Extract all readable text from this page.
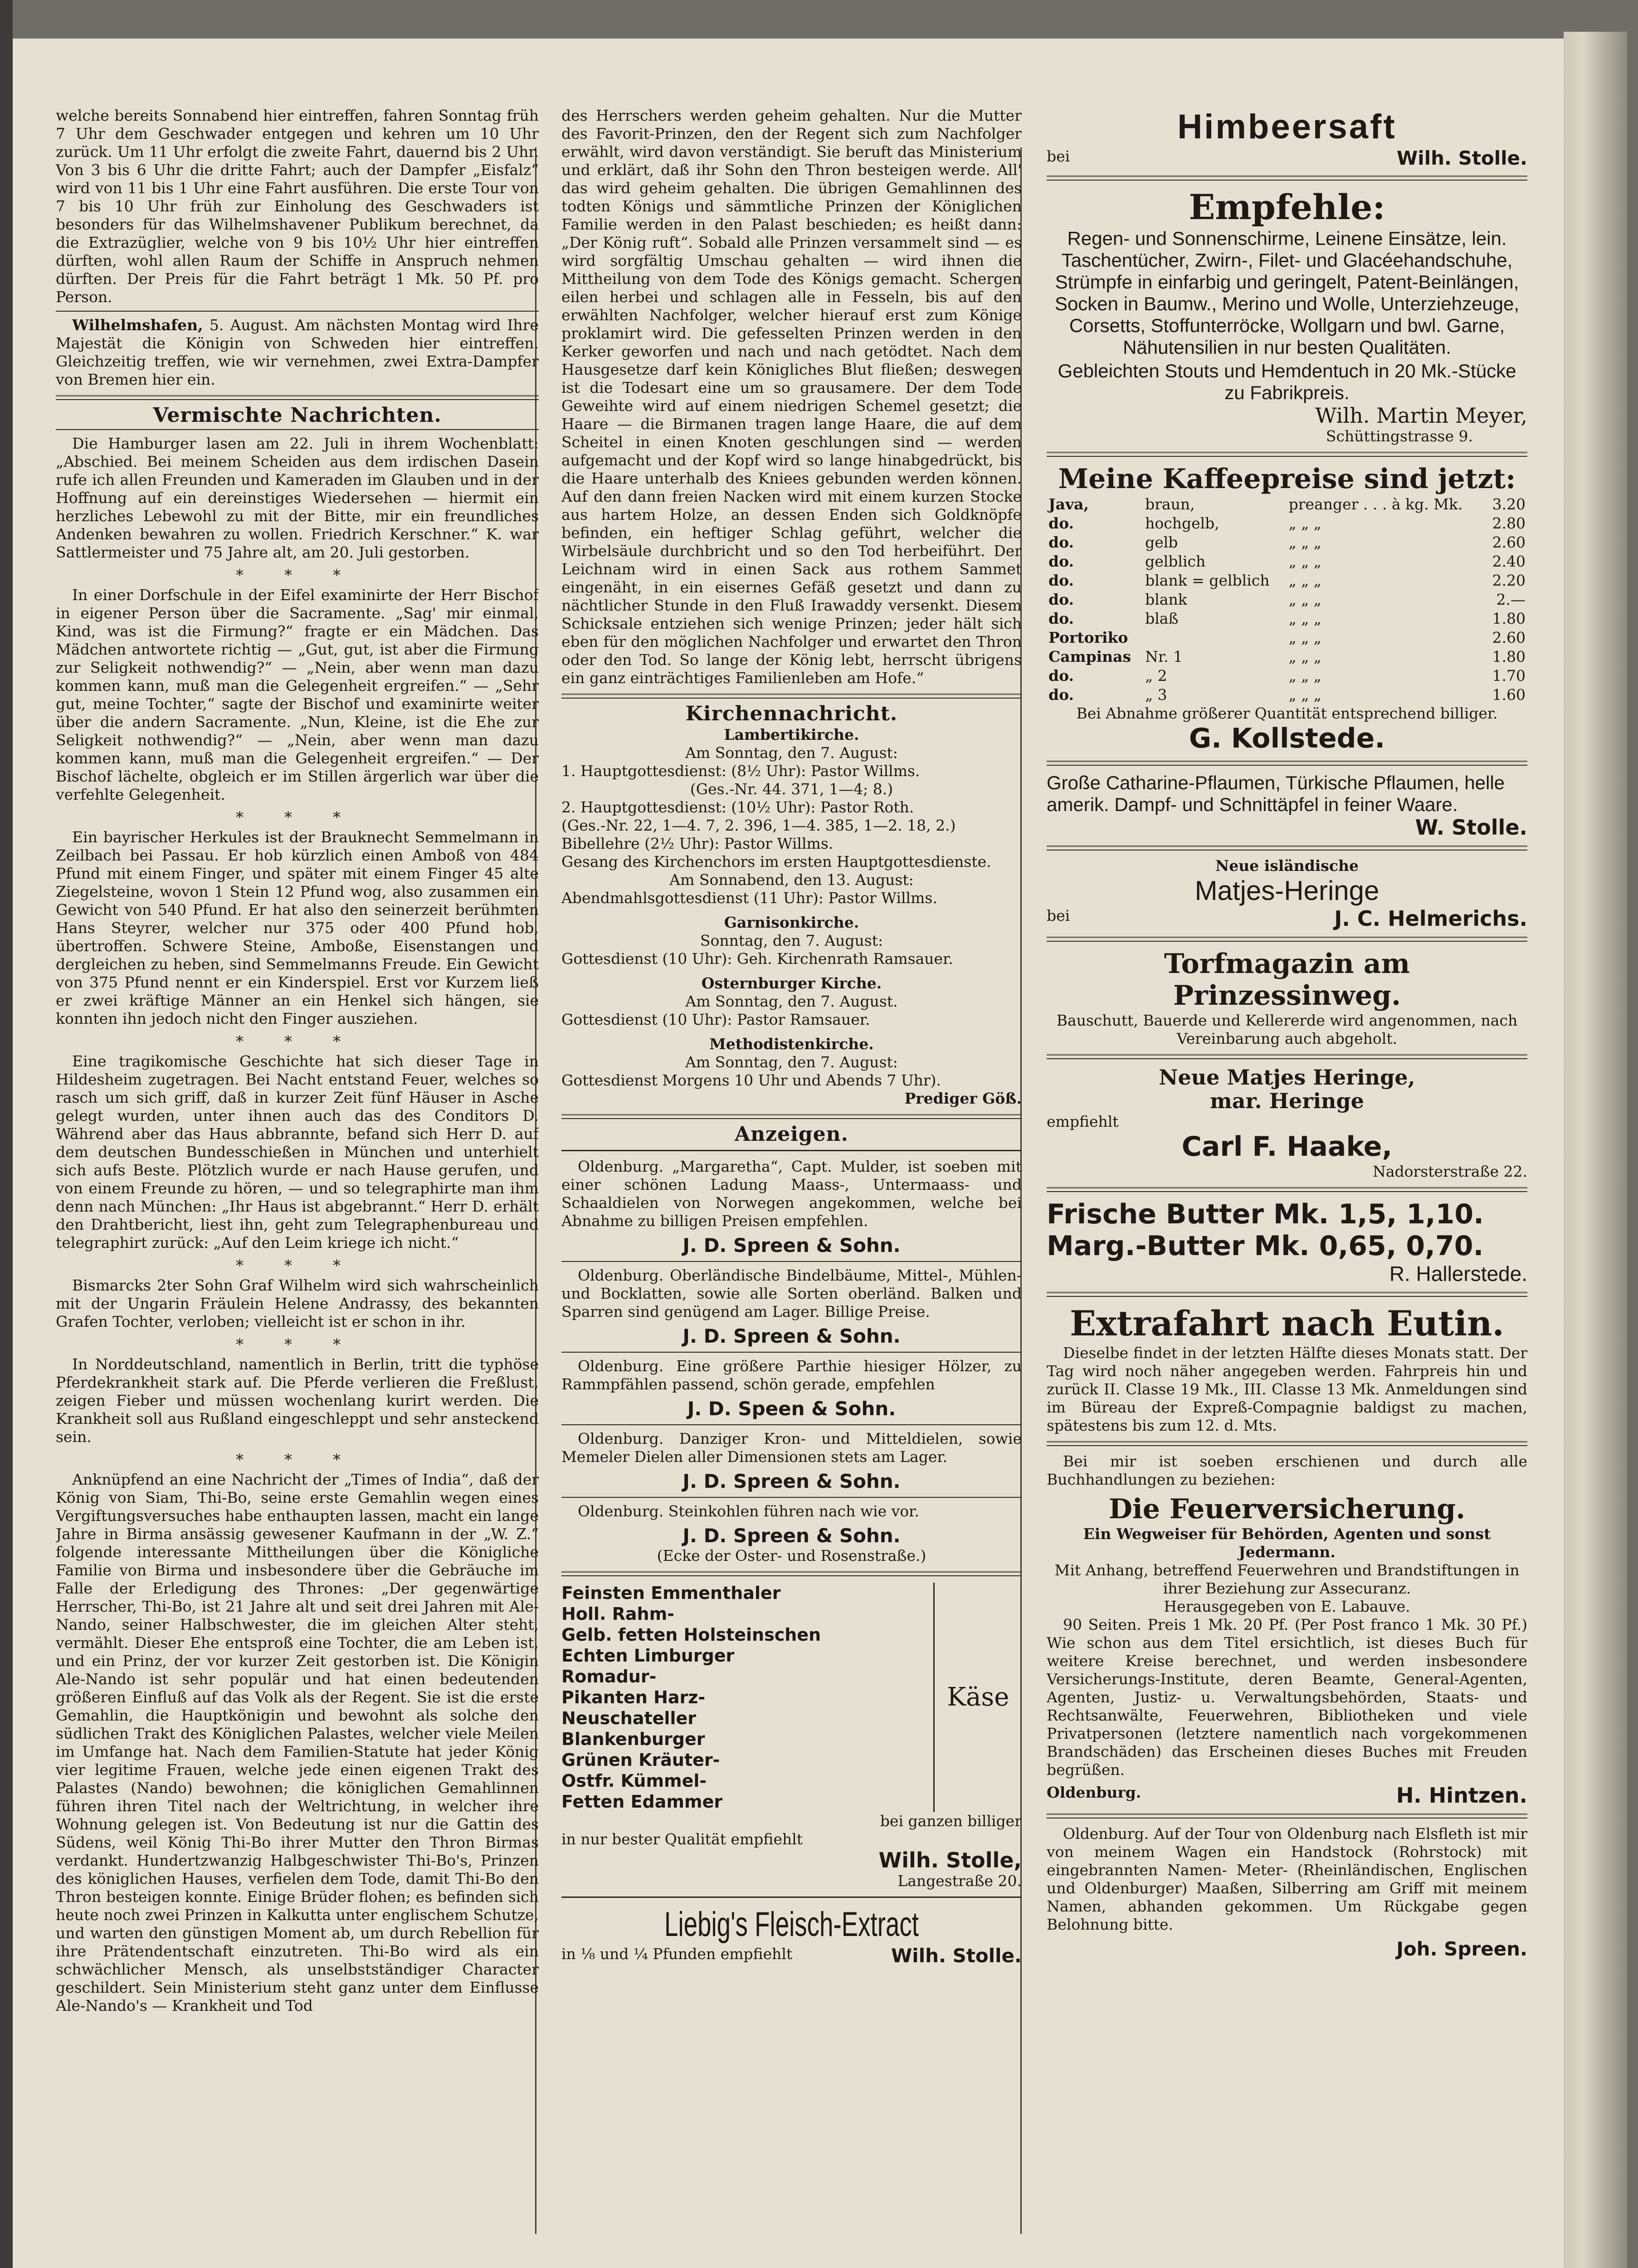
welche bereits Sonnabend hier eintreffen, fahren Sonntag früh 7 Uhr dem Geschwader entgegen und kehren um 10 Uhr zurück. Um 11 Uhr erfolgt die zweite Fahrt, dauernd bis 2 Uhr. Von 3 bis 6 Uhr die dritte Fahrt; auch der Dampfer „Eisfalz“ wird von 11 bis 1 Uhr eine Fahrt ausführen. Die erste Tour von 7 bis 10 Uhr früh zur Einholung des Geschwaders ist besonders für das Wilhelmshavener Publikum berechnet, da die Extrazüglier, welche von 9 bis 10½ Uhr hier eintreffen dürften, wohl allen Raum der Schiffe in Anspruch nehmen dürften. Der Preis für die Fahrt beträgt 1 Mk. 50 Pf. pro Person.

Wilhelmshafen, 5. August. Am nächsten Montag wird Ihre Majestät die Königin von Schweden hier eintreffen. Gleichzeitig treffen, wie wir vernehmen, zwei Extra-Dampfer von Bremen hier ein.

Vermischte Nachrichten.

Die Hamburger lasen am 22. Juli in ihrem Wochenblatt: „Abschied. Bei meinem Scheiden aus dem irdischen Dasein rufe ich allen Freunden und Kameraden im Glauben und in der Hoffnung auf ein dereinstiges Wiedersehen — hiermit ein herzliches Lebewohl zu mit der Bitte, mir ein freundliches Andenken bewahren zu wollen. Friedrich Kerschner.“ K. war Sattlermeister und 75 Jahre alt, am 20. Juli gestorben.

* * *

In einer Dorfschule in der Eifel examinirte der Herr Bischof in eigener Person über die Sacramente. „Sag' mir einmal, Kind, was ist die Firmung?“ fragte er ein Mädchen. Das Mädchen antwortete richtig — „Gut, gut, ist aber die Firmung zur Seligkeit nothwendig?“ — „Nein, aber wenn man dazu kommen kann, muß man die Gelegenheit ergreifen.“ — „Sehr gut, meine Tochter,“ sagte der Bischof und examinirte weiter über die andern Sacramente. „Nun, Kleine, ist die Ehe zur Seligkeit nothwendig?“ — „Nein, aber wenn man dazu kommen kann, muß man die Gelegenheit ergreifen.“ — Der Bischof lächelte, obgleich er im Stillen ärgerlich war über die verfehlte Gelegenheit.

* * *

Ein bayrischer Herkules ist der Brauknecht Semmelmann in Zeilbach bei Passau. Er hob kürzlich einen Amboß von 484 Pfund mit einem Finger, und später mit einem Finger 45 alte Ziegelsteine, wovon 1 Stein 12 Pfund wog, also zusammen ein Gewicht von 540 Pfund. Er hat also den seinerzeit berühmten Hans Steyrer, welcher nur 375 oder 400 Pfund hob, übertroffen. Schwere Steine, Amboße, Eisenstangen und dergleichen zu heben, sind Semmelmanns Freude. Ein Gewicht von 375 Pfund nennt er ein Kinderspiel. Erst vor Kurzem ließ er zwei kräftige Männer an ein Henkel sich hängen, sie konnten ihn jedoch nicht den Finger ausziehen.

* * *

Eine tragikomische Geschichte hat sich dieser Tage in Hildesheim zugetragen. Bei Nacht entstand Feuer, welches so rasch um sich griff, daß in kurzer Zeit fünf Häuser in Asche gelegt wurden, unter ihnen auch das des Conditors D. Während aber das Haus abbrannte, befand sich Herr D. auf dem deutschen Bundesschießen in München und unterhielt sich aufs Beste. Plötzlich wurde er nach Hause gerufen, und von einem Freunde zu hören, — und so telegraphirte man ihm denn nach München: „Ihr Haus ist abgebrannt.“ Herr D. erhält den Drahtbericht, liest ihn, geht zum Telegraphenbureau und telegraphirt zurück: „Auf den Leim kriege ich nicht.“

* * *

Bismarcks 2ter Sohn Graf Wilhelm wird sich wahrscheinlich mit der Ungarin Fräulein Helene Andrassy, des bekannten Grafen Tochter, verloben; vielleicht ist er schon in ihr.

* * *

In Norddeutschland, namentlich in Berlin, tritt die typhöse Pferdekrankheit stark auf. Die Pferde verlieren die Freßlust, zeigen Fieber und müssen wochenlang kurirt werden. Die Krankheit soll aus Rußland eingeschleppt und sehr ansteckend sein.

* * *

Anknüpfend an eine Nachricht der „Times of India“, daß der König von Siam, Thi-Bo, seine erste Gemahlin wegen eines Vergiftungsversuches habe enthaupten lassen, macht ein lange Jahre in Birma ansässig gewesener Kaufmann in der „W. Z.“ folgende interessante Mittheilungen über die Königliche Familie von Birma und insbesondere über die Gebräuche im Falle der Erledigung des Thrones: „Der gegenwärtige Herrscher, Thi-Bo, ist 21 Jahre alt und seit drei Jahren mit Ale-Nando, seiner Halbschwester, die im gleichen Alter steht, vermählt. Dieser Ehe entsproß eine Tochter, die am Leben ist, und ein Prinz, der vor kurzer Zeit gestorben ist. Die Königin Ale-Nando ist sehr populär und hat einen bedeutenden größeren Einfluß auf das Volk als der Regent. Sie ist die erste Gemahlin, die Hauptkönigin und bewohnt als solche den südlichen Trakt des Königlichen Palastes, welcher viele Meilen im Umfange hat. Nach dem Familien-Statute hat jeder König vier legitime Frauen, welche jede einen eigenen Trakt des Palastes (Nando) bewohnen; die königlichen Gemahlinnen führen ihren Titel nach der Weltrichtung, in welcher ihre Wohnung gelegen ist. Von Bedeutung ist nur die Gattin des Südens, weil König Thi-Bo ihrer Mutter den Thron Birmas verdankt. Hundertzwanzig Halbgeschwister Thi-Bo's, Prinzen des königlichen Hauses, verfielen dem Tode, damit Thi-Bo den Thron besteigen konnte. Einige Brüder flohen; es befinden sich heute noch zwei Prinzen in Kalkutta unter englischem Schutze, und warten den günstigen Moment ab, um durch Rebellion für ihre Prätendentschaft einzutreten. Thi-Bo wird als ein schwächlicher Mensch, als unselbstständiger Character geschildert. Sein Ministerium steht ganz unter dem Einflusse Ale-Nando's — Krankheit und Tod

des Herrschers werden geheim gehalten. Nur die Mutter des Favorit-Prinzen, den der Regent sich zum Nachfolger erwählt, wird davon verständigt. Sie beruft das Ministerium und erklärt, daß ihr Sohn den Thron besteigen werde. All' das wird geheim gehalten. Die übrigen Gemahlinnen des todten Königs und sämmtliche Prinzen der Königlichen Familie werden in den Palast beschieden; es heißt dann: „Der König ruft“. Sobald alle Prinzen versammelt sind — es wird sorgfältig Umschau gehalten — wird ihnen die Mittheilung von dem Tode des Königs gemacht. Schergen eilen herbei und schlagen alle in Fesseln, bis auf den erwählten Nachfolger, welcher hierauf erst zum Könige proklamirt wird. Die gefesselten Prinzen werden in den Kerker geworfen und nach und nach getödtet. Nach dem Hausgesetze darf kein Königliches Blut fließen; deswegen ist die Todesart eine um so grausamere. Der dem Tode Geweihte wird auf einem niedrigen Schemel gesetzt; die Haare — die Birmanen tragen lange Haare, die auf dem Scheitel in einen Knoten geschlungen sind — werden aufgemacht und der Kopf wird so lange hinabgedrückt, bis die Haare unterhalb des Kniees gebunden werden können. Auf den dann freien Nacken wird mit einem kurzen Stocke aus hartem Holze, an dessen Enden sich Goldknöpfe befinden, ein heftiger Schlag geführt, welcher die Wirbelsäule durchbricht und so den Tod herbeiführt. Der Leichnam wird in einen Sack aus rothem Sammet eingenäht, in ein eisernes Gefäß gesetzt und dann zu nächtlicher Stunde in den Fluß Irawaddy versenkt. Diesem Schicksale entziehen sich wenige Prinzen; jeder hält sich eben für den möglichen Nachfolger und erwartet den Thron oder den Tod. So lange der König lebt, herrscht übrigens ein ganz einträchtiges Familienleben am Hofe.“

Kirchennachricht.
Lambertikirche.
Am Sonntag, den 7. August:
1. Hauptgottesdienst: (8½ Uhr): Pastor Willms.
(Ges.-Nr. 44. 371, 1—4; 8.)
2. Hauptgottesdienst: (10½ Uhr): Pastor Roth.
(Ges.-Nr. 22, 1—4. 7, 2. 396, 1—4. 385, 1—2. 18, 2.)
Bibellehre (2½ Uhr): Pastor Willms.
Gesang des Kirchenchors im ersten Hauptgottesdienste.
Am Sonnabend, den 13. August:
Abendmahlsgottesdienst (11 Uhr): Pastor Willms.
Garnisonkirche.
Sonntag, den 7. August:
Gottesdienst (10 Uhr): Geh. Kirchenrath Ramsauer.
Osternburger Kirche.
Am Sonntag, den 7. August.
Gottesdienst (10 Uhr): Pastor Ramsauer.
Methodistenkirche.
Am Sonntag, den 7. August:
Gottesdienst Morgens 10 Uhr und Abends 7 Uhr).
Prediger Göß.
Anzeigen.

Oldenburg. „Margaretha“, Capt. Mulder, ist soeben mit einer schönen Ladung Maass-, Untermaass- und Schaaldielen von Norwegen angekommen, welche bei Abnahme zu billigen Preisen empfehlen.

J. D. Spreen & Sohn.

Oldenburg. Oberländische Bindelbäume, Mittel-, Mühlen- und Bocklatten, sowie alle Sorten oberländ. Balken und Sparren sind genügend am Lager. Billige Preise.

J. D. Spreen & Sohn.

Oldenburg. Eine größere Parthie hiesiger Hölzer, zu Rammpfählen passend, schön gerade, empfehlen

J. D. Speen & Sohn.

Oldenburg. Danziger Kron- und Mitteldielen, sowie Memeler Dielen aller Dimensionen stets am Lager.

J. D. Spreen & Sohn.

Oldenburg. Steinkohlen führen nach wie vor.

J. D. Spreen & Sohn.
(Ecke der Oster- und Rosenstraße.)
Feinsten Emmenthaler
Holl. Rahm-
Gelb. fetten Holsteinschen
Echten Limburger
Romadur-
Pikanten Harz-
Neuschateller
Blankenburger
Grünen Kräuter-
Ostfr. Kümmel-
Fetten Edammer
Käse
bei ganzen billiger
in nur bester Qualität empfiehlt
Wilh. Stolle,
Langestraße 20.
Liebig's Fleisch-Extract
in ⅛ und ¼ Pfunden empfiehlt	Wilh. Stolle.
Himbeersaft
bei	Wilh. Stolle.
Empfehle:
Regen- und Sonnenschirme, Leinene Einsätze, lein. Taschentücher, Zwirn-, Filet- und Glacéehandschuhe, Strümpfe in einfarbig und geringelt, Patent-Beinlängen, Socken in Baumw., Merino und Wolle, Unterziehzeuge, Corsetts, Stoffunterröcke, Wollgarn und bwl. Garne, Nähutensilien in nur besten Qualitäten.
Gebleichten Stouts und Hemdentuch in 20 Mk.-Stücke zu Fabrikpreis.
Wilh. Martin Meyer,
Schüttingstrasse 9.
Meine Kaffeepreise sind jetzt:
Java,	braun,	preanger . . . à kg. Mk.	3.20
do.	hochgelb,	„ „ „	2.80
do.	gelb	„ „ „	2.60
do.	gelblich	„ „ „	2.40
do.	blank = gelblich	„ „ „	2.20
do.	blank	„ „ „	2.—
do.	blaß	„ „ „	1.80
Portoriko		„ „ „	2.60
Campinas	Nr. 1	„ „ „	1.80
do.	„ 2	„ „ „	1.70
do.	„ 3	„ „ „	1.60
Bei Abnahme größerer Quantität entsprechend billiger.
G. Kollstede.
Große Catharine-Pflaumen, Türkische Pflaumen, helle amerik. Dampf- und Schnittäpfel in feiner Waare.
W. Stolle.
Neue isländische
Matjes-Heringe
bei	J. C. Helmerichs.
Torfmagazin am Prinzessinweg.
Bauschutt, Bauerde und Kellererde wird angenommen, nach Vereinbarung auch abgeholt.
Neue Matjes Heringe,
mar. Heringe
empfiehlt
Carl F. Haake,
Nadorsterstraße 22.
Frische Butter Mk. 1,5, 1,10.
Marg.-Butter Mk. 0,65, 0,70.
R. Hallerstede.
Extrafahrt nach Eutin.

Dieselbe findet in der letzten Hälfte dieses Monats statt. Der Tag wird noch näher angegeben werden. Fahrpreis hin und zurück II. Classe 19 Mk., III. Classe 13 Mk. Anmeldungen sind im Büreau der Expreß-Compagnie baldigst zu machen, spätestens bis zum 12. d. Mts.

Bei mir ist soeben erschienen und durch alle Buchhandlungen zu beziehen:

Die Feuerversicherung.
Ein Wegweiser für Behörden, Agenten und sonst Jedermann.
Mit Anhang, betreffend Feuerwehren und Brandstiftungen in ihrer Beziehung zur Assecuranz.
Herausgegeben von E. Labauve.

90 Seiten. Preis 1 Mk. 20 Pf. (Per Post franco 1 Mk. 30 Pf.) Wie schon aus dem Titel ersichtlich, ist dieses Buch für weitere Kreise berechnet, und werden insbesondere Versicherungs-Institute, deren Beamte, General-Agenten, Agenten, Justiz- u. Verwaltungsbehörden, Staats- und Rechtsanwälte, Feuerwehren, Bibliotheken und viele Privatpersonen (letztere namentlich nach vorgekommenen Brandschäden) das Erscheinen dieses Buches mit Freuden begrüßen.

Oldenburg.	H. Hintzen.

Oldenburg. Auf der Tour von Oldenburg nach Elsfleth ist mir von meinem Wagen ein Handstock (Rohrstock) mit eingebrannten Namen- Meter- (Rheinländischen, Englischen und Oldenburger) Maaßen, Silberring am Griff mit meinem Namen, abhanden gekommen. Um Rückgabe gegen Belohnung bitte.

Joh. Spreen.
